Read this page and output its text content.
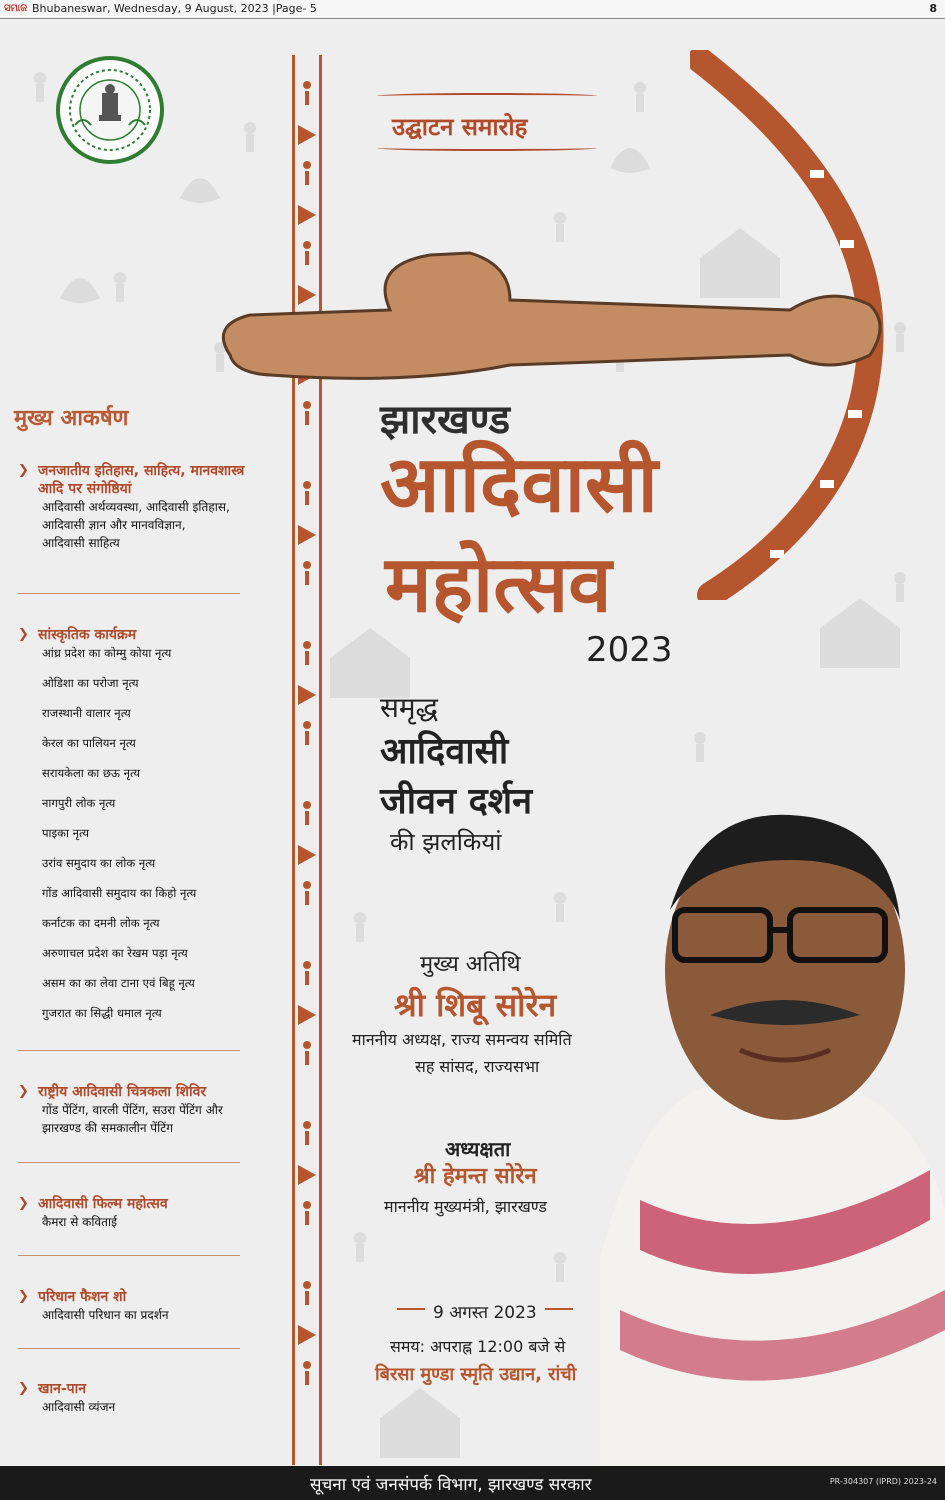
ସମାଜ Bhubaneswar, Wednesday, 9 August, 2023 |Page- 5	8
उद्घाटन समारोह
झारखण्ड
आदिवासी
महोत्सव
2023
समृद्ध
आदिवासी
जीवन दर्शन
की झलकियां
मुख्य अतिथि
श्री शिबू सोरेन
माननीय अध्यक्ष, राज्य समन्वय समिति
सह सांसद, राज्यसभा
अध्यक्षता
श्री हेमन्त सोरेन
माननीय मुख्यमंत्री, झारखण्ड
9 अगस्त 2023
समय: अपराह्न 12:00 बजे से
बिरसा मुण्डा स्मृति उद्यान, रांची
मुख्य आकर्षण
❯ जनजातीय इतिहास, साहित्य, मानवशास्त्र आदि पर संगोष्ठियां
आदिवासी अर्थव्यवस्था, आदिवासी इतिहास,
आदिवासी ज्ञान और मानवविज्ञान,
आदिवासी साहित्य
❯ सांस्कृतिक कार्यक्रम
आंध्र प्रदेश का कोम्मु कोया नृत्य
ओडिशा का परोजा नृत्य
राजस्थानी वालार नृत्य
केरल का पालियन नृत्य
सरायकेला का छऊ नृत्य
नागपुरी लोक नृत्य
पाइका नृत्य
उरांव समुदाय का लोक नृत्य
गोंड आदिवासी समुदाय का किहो नृत्य
कर्नाटक का दमनी लोक नृत्य
अरुणाचल प्रदेश का रेखम पड़ा नृत्य
असम का का लेवा टाना एवं बिहू नृत्य
गुजरात का सिद्धी धमाल नृत्य
❯ राष्ट्रीय आदिवासी चित्रकला शिविर
गोंड पेंटिंग, वारली पेंटिंग, सउरा पेंटिंग और
झारखण्ड की समकालीन पेंटिंग
❯ आदिवासी फिल्म महोत्सव
कैमरा से कविताई
❯ परिधान फैशन शो
आदिवासी परिधान का प्रदर्शन
❯ खान-पान
आदिवासी व्यंजन
सूचना एवं जनसंपर्क विभाग, झारखण्ड सरकार	PR-304307 (IPRD) 2023-24
